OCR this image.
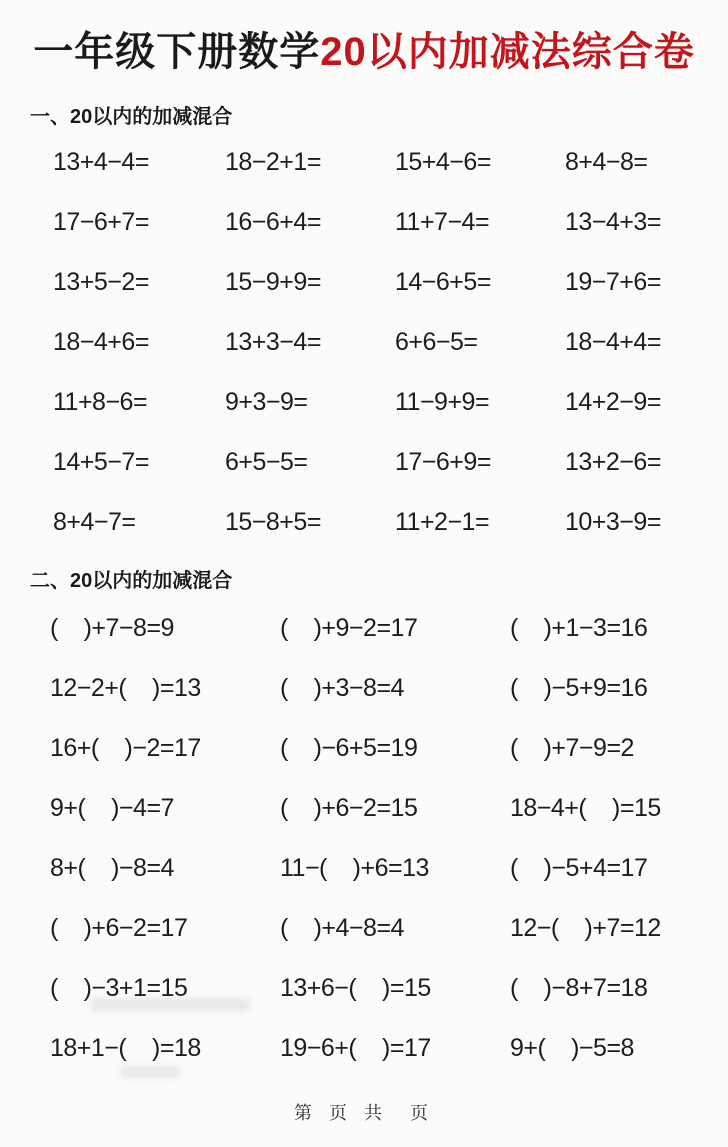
一年级下册数学20以内加减法综合卷
一、20以内的加减混合
13+4−4=	18−2+1=	15+4−6=	8+4−8=
17−6+7=	16−6+4=	11+7−4=	13−4+3=
13+5−2=	15−9+9=	14−6+5=	19−7+6=
18−4+6=	13+3−4=	6+6−5=	18−4+4=
11+8−6=	9+3−9=	11−9+9=	14+2−9=
14+5−7=	6+5−5=	17−6+9=	13+2−6=
8+4−7=	15−8+5=	11+2−1=	10+3−9=
二、20以内的加减混合
(    )+7−8=9	(    )+9−2=17	(    )+1−3=16
12−2+(    )=13	(    )+3−8=4	(    )−5+9=16
16+(    )−2=17	(    )−6+5=19	(    )+7−9=2
9+(    )−4=7	(    )+6−2=15	18−4+(    )=15
8+(    )−8=4	11−(    )+6=13	(    )−5+4=17
(    )+6−2=17	(    )+4−8=4	12−(    )+7=12
(    )−3+1=15	13+6−(    )=15	(    )−8+7=18
18+1−(    )=18	19−6+(    )=17	9+(    )−5=8
第 页 共  页
